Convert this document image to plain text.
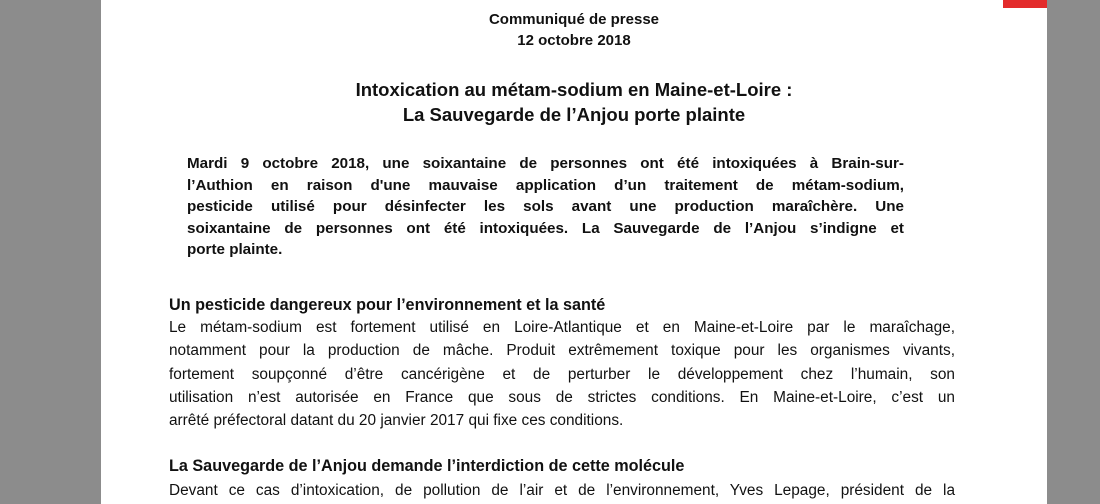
Communiqué de presse
12 octobre 2018
Intoxication au métam-sodium en Maine-et-Loire :
La Sauvegarde de l’Anjou porte plainte
Mardi 9 octobre 2018, une soixantaine de personnes ont été intoxiquées à Brain-sur-
l’Authion en raison d'une mauvaise application d’un traitement de métam-sodium,
pesticide utilisé pour désinfecter les sols avant une production maraîchère. Une
soixantaine de personnes ont été intoxiquées. La Sauvegarde de l’Anjou s’indigne et
porte plainte.
Un pesticide dangereux pour l’environnement et la santé
Le métam-sodium est fortement utilisé en Loire-Atlantique et en Maine-et-Loire par le maraîchage,
notamment pour la production de mâche. Produit extrêmement toxique pour les organismes vivants,
fortement soupçonné d’être cancérigène et de perturber le développement chez l’humain, son
utilisation n’est autorisée en France que sous de strictes conditions. En Maine-et-Loire, c’est un
arrêté préfectoral datant du 20 janvier 2017 qui fixe ces conditions.
La Sauvegarde de l’Anjou demande l’interdiction de cette molécule
Devant ce cas d’intoxication, de pollution de l’air et de l’environnement, Yves Lepage, président de la
